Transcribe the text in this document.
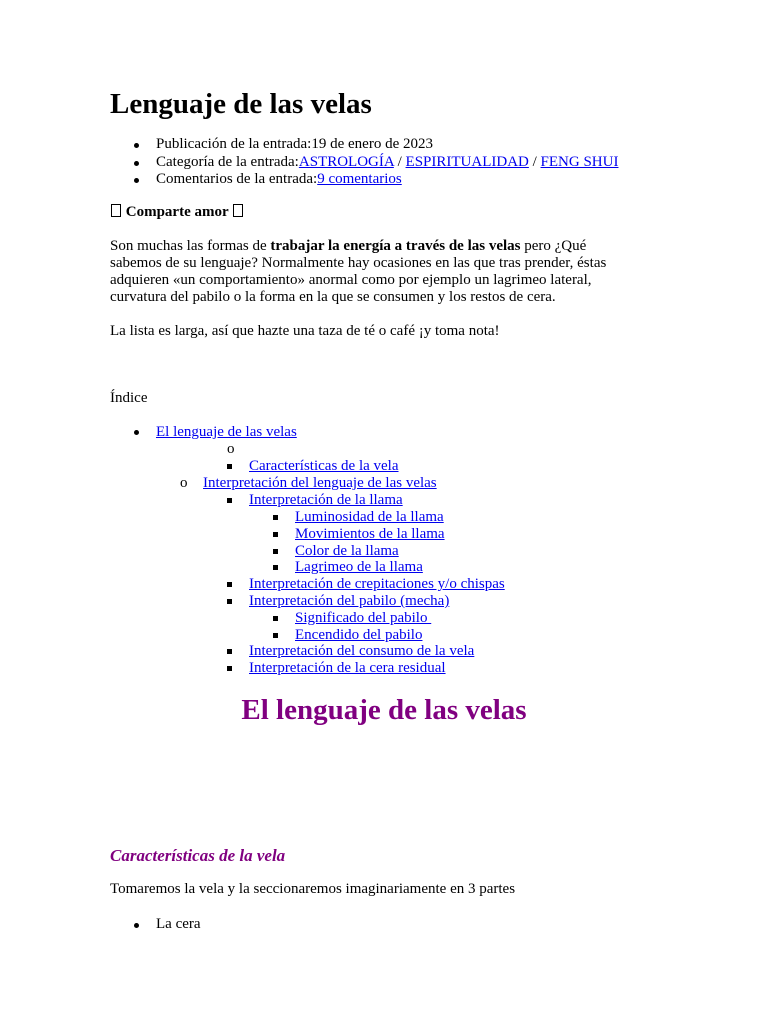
Lenguaje de las velas
Publicación de la entrada:19 de enero de 2023
Categoría de la entrada:ASTROLOGÍA / ESPIRITUALIDAD / FENG SHUI
Comentarios de la entrada:9 comentarios
Comparte amor

Son muchas las formas de trabajar la energía a través de las velas pero ¿Qué sabemos de su lenguaje? Normalmente hay ocasiones en las que tras prender, éstas adquieren «un comportamiento» anormal como por ejemplo un lagrimeo lateral, curvatura del pabilo o la forma en la que se consumen y los restos de cera.

La lista es larga, así que hazte una taza de té o café ¡y toma nota!

Índice

El lenguaje de las velas
o
Características de la vela
o Interpretación del lenguaje de las velas
Interpretación de la llama
Luminosidad de la llama
Movimientos de la llama
Color de la llama
Lagrimeo de la llama
Interpretación de crepitaciones y/o chispas
Interpretación del pabilo (mecha)
Significado del pabilo
Encendido del pabilo
Interpretación del consumo de la vela
Interpretación de la cera residual
El lenguaje de las velas
Características de la vela

Tomaremos la vela y la seccionaremos imaginariamente en 3 partes

La cera
